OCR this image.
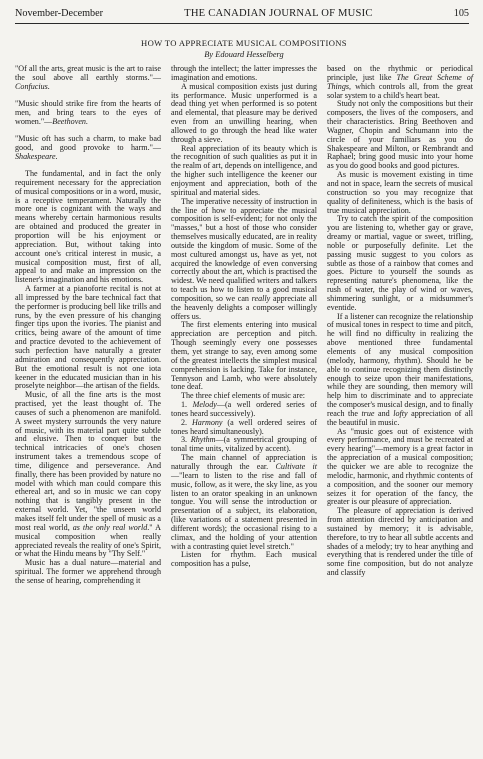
November-December	THE CANADIAN JOURNAL OF MUSIC	105
HOW TO APPRECIATE MUSICAL COMPOSITIONS
By Edouard Hesselberg

"Of all the arts, great music is the art to raise the soul above all earthly storms."—Confucius.

"Music should strike fire from the hearts of men, and bring tears to the eyes of women."—Beethoven.

"Music oft has such a charm, to make bad good, and good provoke to harm."—Shakespeare.

The fundamental, and in fact the only requirement necessary for the appreciation of musical compositions or in a word, music, is a receptive temperament. Naturally the more one is cognizant with the ways and means whereby certain harmonious results are obtained and produced the greater in proportion will be his enjoyment or appreciation. But, without taking into account one's critical interest in music, a musical composition must, first of all, appeal to and make an impression on the listener's imagination and his emotions.

A farmer at a pianoforte recital is not at all impressed by the bare technical fact that the performer is producing bell like trills and runs, by the even pressure of his changing finger tips upon the ivories. The pianist and critics, being aware of the amount of time and practice devoted to the achievement of such perfection have naturally a greater admiration and consequently appreciation. But the emotional result is not one iota keener in the educated musician than in his proselyte neighbor—the artisan of the fields.

Music, of all the fine arts is the most practised, yet the least thought of. The causes of such a phenomenon are manifold. A sweet mystery surrounds the very nature of music, with its material part quite subtle and elusive. Then to conquer but the technical intricacies of one's chosen instrument takes a tremendous scope of time, diligence and perseverance. And finally, there has been provided by nature no model with which man could compare this ethereal art, and so in music we can copy nothing that is tangibly present in the external world. Yet, "the unseen world makes itself felt under the spell of music as a most real world, as the only real world." A musical composition when really appreciated reveals the reality of one's Spirit, or what the Hindu means by "Thy Self."

Music has a dual nature—material and spiritual. The former we apprehend through the sense of hearing, comprehending it

through the intellect; the latter impresses the imagination and emotions.

A musical composition exists just during its performance. Music unperformed is a dead thing yet when performed is so potent and elemental, that pleasure may be derived even from an unwilling hearing, when allowed to go through the head like water through a sieve.

Real appreciation of its beauty which is the recognition of such qualities as put it in the realm of art, depends on intelligence, and the higher such intelligence the keener our enjoyment and appreciation, both of the spiritual and material sides.

The imperative necessity of instruction in the line of how to appreciate the musical composition is self-evident; for not only the "masses," but a host of those who consider themselves musically educated, are in reality outside the kingdom of music. Some of the most cultured amongst us, have as yet, not acquired the knowledge of even conversing correctly about the art, which is practised the widest. We need qualified writers and talkers to teach us how to listen to a good musical composition, so we can really appreciate all the heavenly delights a composer willingly offers us.

The first elements entering into musical appreciation are perception and pitch. Though seemingly every one possesses them, yet strange to say, even among some of the greatest intellects the simplest musical comprehension is lacking. Take for instance, Tennyson and Lamb, who were absolutely tone deaf.

The three chief elements of music are:

1. Melody—(a well ordered series of tones heard successively).

2. Harmony (a well ordered seires of tones heard simultaneously).

3. Rhythm—(a symmetrical grouping of tonal time units, vitalized by accent).

The main channel of appreciation is naturally through the ear. Cultivate it—"learn to listen to the rise and fall of music, follow, as it were, the sky line, as you listen to an orator speaking in an unknown tongue. You will sense the introduction or presentation of a subject, its elaboration, (like variations of a statement presented in different words); the occasional rising to a climax, and the holding of your attention with a contrasting quiet level stretch."

Listen for rhythm. Each musical composition has a pulse,

based on the rhythmic or periodical principle, just like The Great Scheme of Things, which controls all, from the great solar system to a child's heart beat.

Study not only the compositions but their composers, the lives of the composers, and their characteristics. Bring Beethoven and Wagner, Chopin and Schumann into the circle of your familiars as you do Shakespeare and Milton, or Rembrandt and Raphael; bring good music into your home as you do good books and good pictures.

As music is movement existing in time and not in space, learn the secrets of musical construction so you may recognize that quality of definiteness, which is the basis of true musical appreciation.

Try to catch the spirit of the composition you are listening to, whether gay or grave, dreamy or martial, vague or sweet, trifling, noble or purposefully definite. Let the passing music suggest to you colors as subtle as those of a rainbow that comes and goes. Picture to yourself the sounds as representing nature's phenomena, like the rush of water, the play of wind or waves, shimmering sunlight, or a midsummer's eventide.

If a listener can recognize the relationship of musical tones in respect to time and pitch, he will find no difficulty in realizing the above mentioned three fundamental elements of any musical composition (melody, harmony, rhythm). Should he be able to continue recognizing them distinctly enough to seize upon their manifestations, while they are sounding, then memory will help him to discriminate and to appreciate the composer's musical design, and to finally reach the true and lofty appreciation of all the beautiful in music.

As "music goes out of existence with every performance, and must be recreated at every hearing"—memory is a great factor in the appreciation of a musical composition; the quicker we are able to recognize the melodic, harmonic, and rhythmic contents of a composition, and the sooner our memory seizes it for operation of the fancy, the greater is our pleasure of appreciation.

The pleasure of appreciation is derived from attention directed by anticipation and sustained by memory; it is advisable, therefore, to try to hear all subtle accents and shades of a melody; try to hear anything and everything that is rendered under the title of some fine composition, but do not analyze and classify
